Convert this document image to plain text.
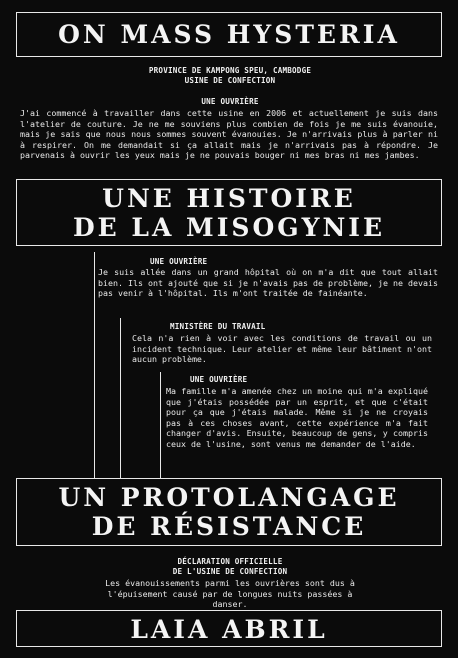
ON MASS HYSTERIA
PROVINCE DE KAMPONG SPEU, CAMBODGE
USINE DE CONFECTION
UNE OUVRIÈRE
J'ai commencé à travailler dans cette usine en 2006 et actuellement je suis dans l'atelier de couture. Je ne me souviens plus combien de fois je me suis évanouie, mais je sais que nous nous sommes souvent évanouies. Je n'arrivais plus à parler ni à respirer. On me demandait si ça allait mais je n'arrivais pas à répondre. Je parvenais à ouvrir les yeux mais je ne pouvais bouger ni mes bras ni mes jambes.
UNE HISTOIRE
DE LA MISOGYNIE
UNE OUVRIÈRE
Je suis allée dans un grand hôpital où on m'a dit que tout allait bien. Ils ont ajouté que si je n'avais pas de problème, je ne devais pas venir à l'hôpital. Ils m'ont traitée de fainéante.
MINISTÈRE DU TRAVAIL
Cela n'a rien à voir avec les conditions de travail ou un incident technique. Leur atelier et même leur bâtiment n'ont aucun problème.
UNE OUVRIÈRE
Ma famille m'a amenée chez un moine qui m'a expliqué que j'étais possédée par un esprit, et que c'était pour ça que j'étais malade. Même si je ne croyais pas à ces choses avant, cette expérience m'a fait changer d'avis. Ensuite, beaucoup de gens, y compris ceux de l'usine, sont venus me demander de l'aide.
UN PROTOLANGAGE
DE RÉSISTANCE
DÉCLARATION OFFICIELLE
DE L'USINE DE CONFECTION
Les évanouissements parmi les ouvrières sont dus à l'épuisement causé par de longues nuits passées à danser.
LAIA ABRIL
